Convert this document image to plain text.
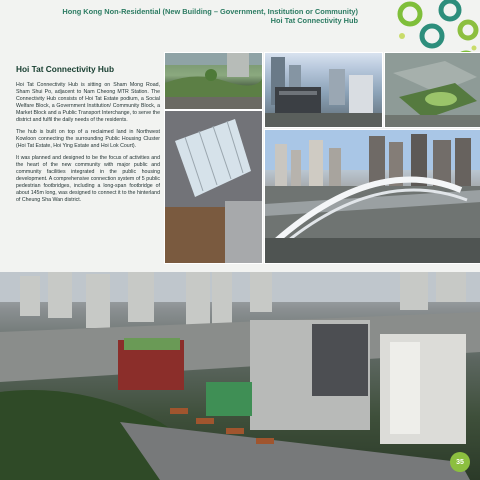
Hong Kong Non-Residential (New Building – Government, Institution or Community)
Hoi Tat Connectivity Hub
Hoi Tat Connectivity Hub

Hoi Tat Connectivity Hub is sitting on Sham Mong Road, Sham Shui Po, adjacent to Nam Cheong MTR Station. The Connectivity Hub consists of Hoi Tat Estate podium, a Social Welfare Block, a Government Institution/ Community Block, a Market Block and a Public Transport Interchange, to serve the district and fulfil the daily needs of the residents.

The hub is built on top of a reclaimed land in Northwest Kowloon connecting the surrounding Public Housing Cluster (Hoi Tat Estate, Hoi Ying Estate and Hoi Lok Court).

It was planned and designed to be the focus of activities and the heart of the new community with major public and community facilities integrated in the public housing development. A comprehensive connection system of 5 public pedestrian footbridges, including a long-span footbridge of about 145m long, was designed to connect it to the hinterland of Cheung Sha Wan district.

35
